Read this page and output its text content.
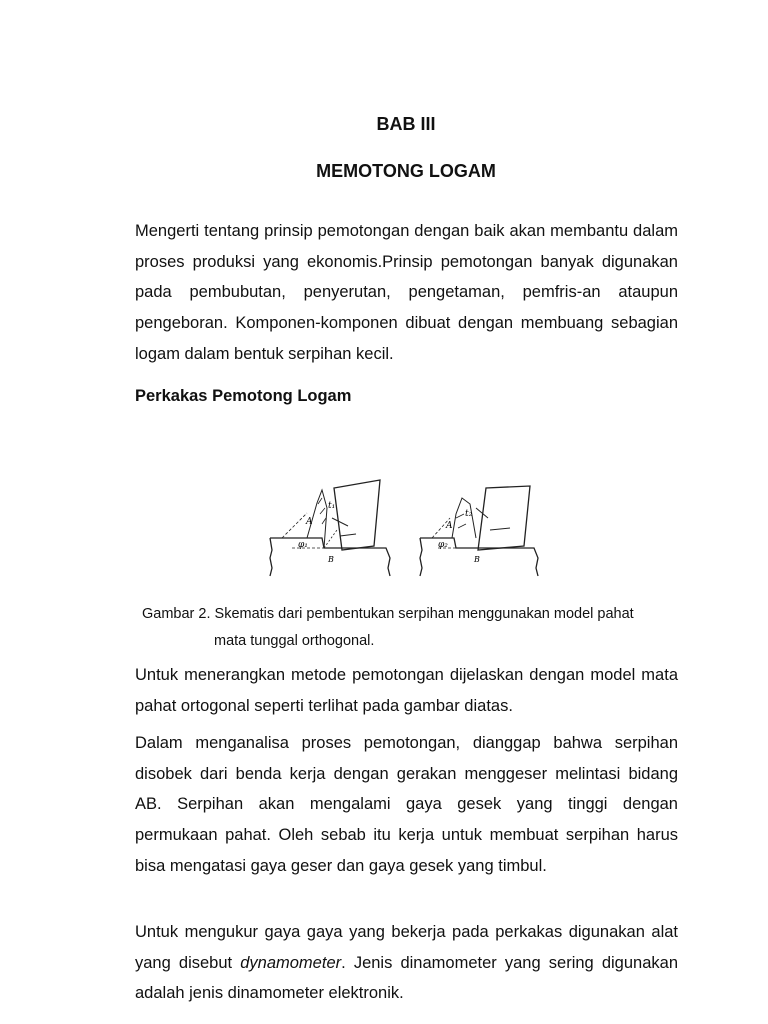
BAB III
MEMOTONG LOGAM

Mengerti tentang prinsip pemotongan dengan baik akan membantu dalam proses produksi yang ekonomis.Prinsip pemotongan banyak digunakan pada pembubutan, penyerutan, pengetaman, pemfris-an ataupun pengeboran. Komponen-komponen dibuat dengan membuang sebagian logam dalam bentuk serpihan kecil.

Perkakas Pemotong Logam

t₁
A
φ₁
B
t₂
A
φ₂
B

Gambar 2. Skematis dari pembentukan serpihan menggunakan model pahat

mata tunggal orthogonal.

Untuk menerangkan metode pemotongan dijelaskan dengan model mata pahat ortogonal seperti terlihat pada gambar diatas.

Dalam menganalisa proses pemotongan, dianggap bahwa serpihan disobek dari benda kerja dengan gerakan menggeser melintasi bidang AB. Serpihan akan mengalami gaya gesek yang tinggi dengan permukaan pahat. Oleh sebab itu kerja untuk membuat serpihan harus bisa mengatasi gaya geser dan gaya gesek yang timbul.

Untuk mengukur gaya gaya yang bekerja pada perkakas digunakan alat yang disebut dynamometer. Jenis dinamometer yang sering digunakan adalah jenis dinamometer elektronik.
